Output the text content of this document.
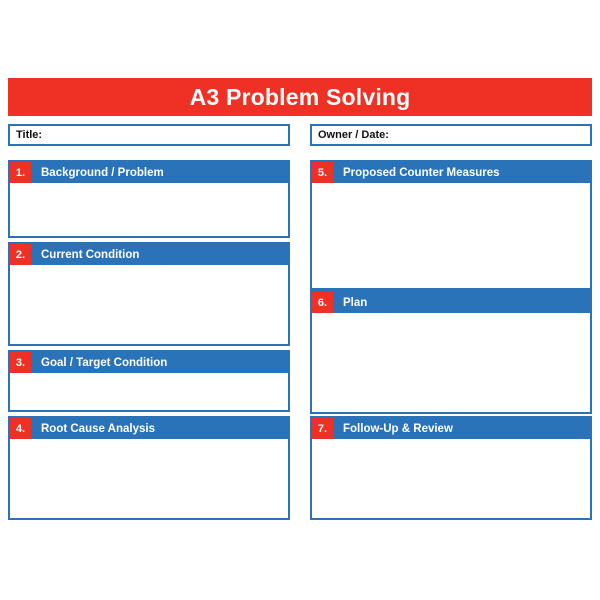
A3 Problem Solving
Title:	Owner / Date:
1.	Background / Problem
2.	Current Condition
3.	Goal / Target Condition
4.	Root Cause Analysis
5.	Proposed Counter Measures
6.	Plan
7.	Follow-Up & Review
